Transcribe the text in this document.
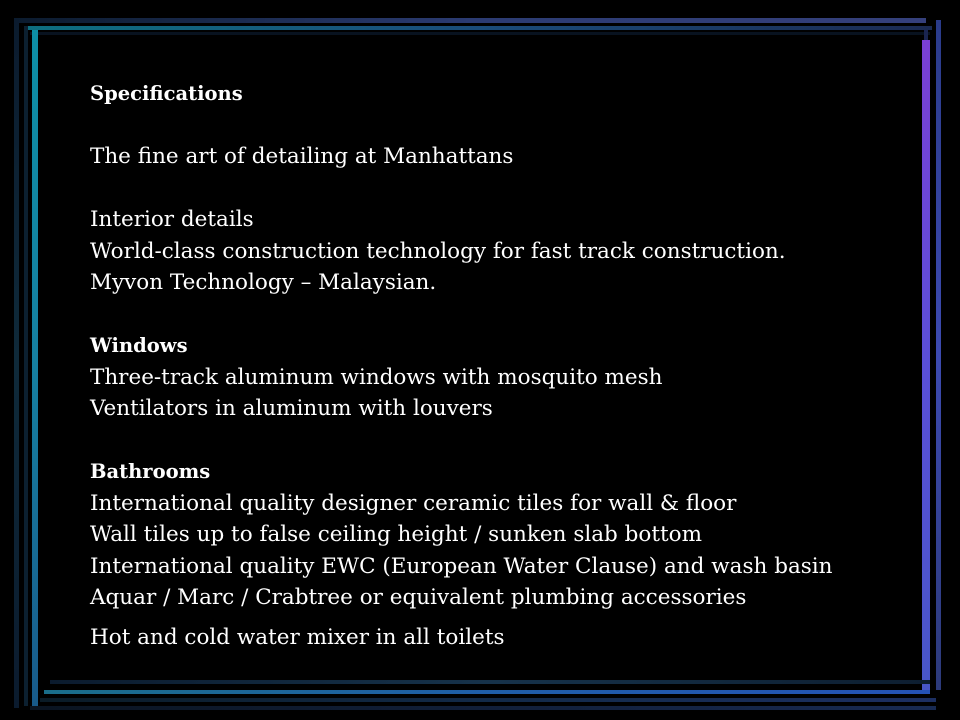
Specifications
The fine art of detailing at Manhattans
Interior details
World-class construction technology for fast track construction.
Myvon Technology – Malaysian.
Windows
Three-track aluminum windows with mosquito mesh
Ventilators in aluminum with louvers
Bathrooms
International quality designer ceramic tiles for wall & floor
Wall tiles up to false ceiling height / sunken slab bottom
International quality EWC (European Water Clause) and wash basin
Aquar / Marc / Crabtree or equivalent plumbing accessories
Hot and cold water mixer in all toilets
